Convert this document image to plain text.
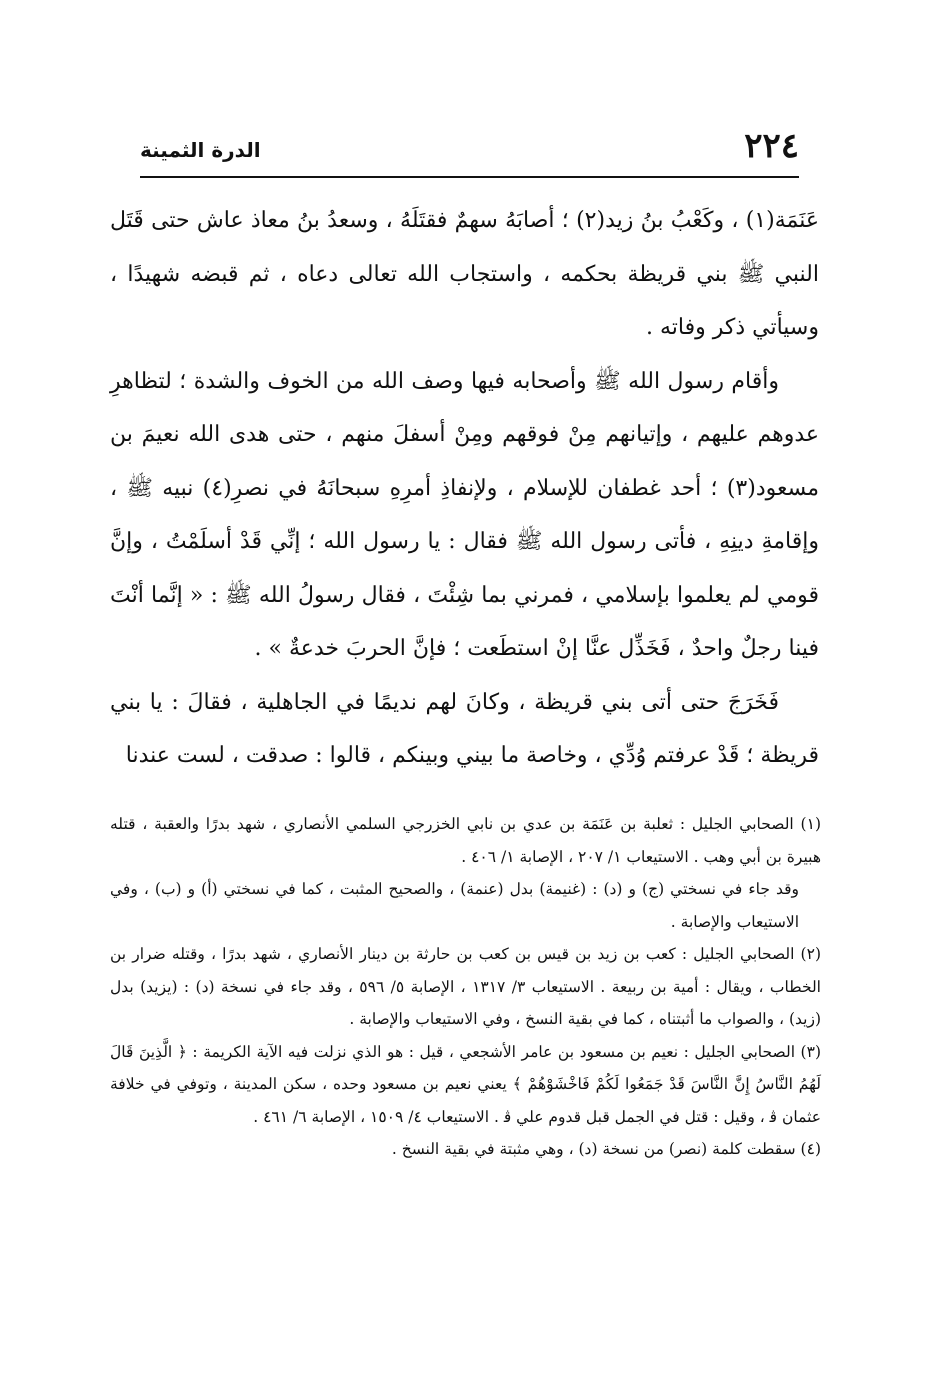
٢٢٤
الدرة الثمينة

عَنَمَة(١) ، وكَعْبُ بنُ زيد(٢) ؛ أصابَهُ سهمٌ فقتَلَهُ ، وسعدُ بنُ معاذ عاش حتى قَتَل النبي ﷺ بني قريظة بحكمه ، واستجاب الله تعالى دعاه ، ثم قبضه شهيدًا ، وسيأتي ذكر وفاته .

وأقام رسول الله ﷺ وأصحابه فيها وصف الله من الخوف والشدة ؛ لتظاهرِ عدوهم عليهم ، وإتيانهم مِنْ فوقهم ومِنْ أسفلَ منهم ، حتى هدى الله نعيمَ بن مسعود(٣) ؛ أحد غطفان للإسلام ، ولإنفاذِ أمرِهِ سبحانَهُ في نصرِ(٤) نبيه ﷺ ، وإقامةِ دينِهِ ، فأتى رسول الله ﷺ فقال : يا رسول الله ؛ إنِّي قَدْ أسلَمْتُ ، وإنَّ قومي لم يعلموا بإسلامي ، فمرني بما شِئْتَ ، فقال رسولُ الله ﷺ : « إنَّما أنْتَ فينا رجلٌ واحدٌ ، فَخَذِّل عنَّا إنْ استطَعت ؛ فإنَّ الحربَ خدعةٌ » .

فَخَرَجَ حتى أتى بني قريظة ، وكانَ لهم نديمًا في الجاهلية ، فقالَ : يا بني قريظة ؛ قَدْ عرفتم وُدِّي ، وخاصة ما بيني وبينكم ، قالوا : صدقت ، لست عندنا

(١) الصحابي الجليل : ثعلبة بن عَنَمَة بن عدي بن نابي الخزرجي السلمي الأنصاري ، شهد بدرًا والعقبة ، قتله هبيرة بن أبي وهب . الاستيعاب ١/ ٢٠٧ ، الإصابة ١/ ٤٠٦ .

وقد جاء في نسختي (ج) و (د) : (غنيمة) بدل (عنمة) ، والصحيح المثبت ، كما في نسختي (أ) و (ب) ، وفي الاستيعاب والإصابة .

(٢) الصحابي الجليل : كعب بن زيد بن قيس بن كعب بن حارثة بن دينار الأنصاري ، شهد بدرًا ، وقتله ضرار بن الخطاب ، ويقال : أمية بن ربيعة . الاستيعاب ٣/ ١٣١٧ ، الإصابة ٥/ ٥٩٦ ، وقد جاء في نسخة (د) : (يزيد) بدل (زيد) ، والصواب ما أثبتناه ، كما في بقية النسخ ، وفي الاستيعاب والإصابة .

(٣) الصحابي الجليل : نعيم بن مسعود بن عامر الأشجعي ، قيل : هو الذي نزلت فيه الآية الكريمة : ﴿ الَّذِينَ قَالَ لَهُمُ النَّاسُ إِنَّ النَّاسَ قَدْ جَمَعُوا لَكُمْ فَاخْشَوْهُمْ ﴾ يعني نعيم بن مسعود وحده ، سكن المدينة ، وتوفي في خلافة عثمان ﭬ ، وقيل : قتل في الجمل قبل قدوم علي ﭬ . الاستيعاب ٤/ ١٥٠٩ ، الإصابة ٦/ ٤٦١ .

(٤) سقطت كلمة (نصر) من نسخة (د) ، وهي مثبتة في بقية النسخ .
